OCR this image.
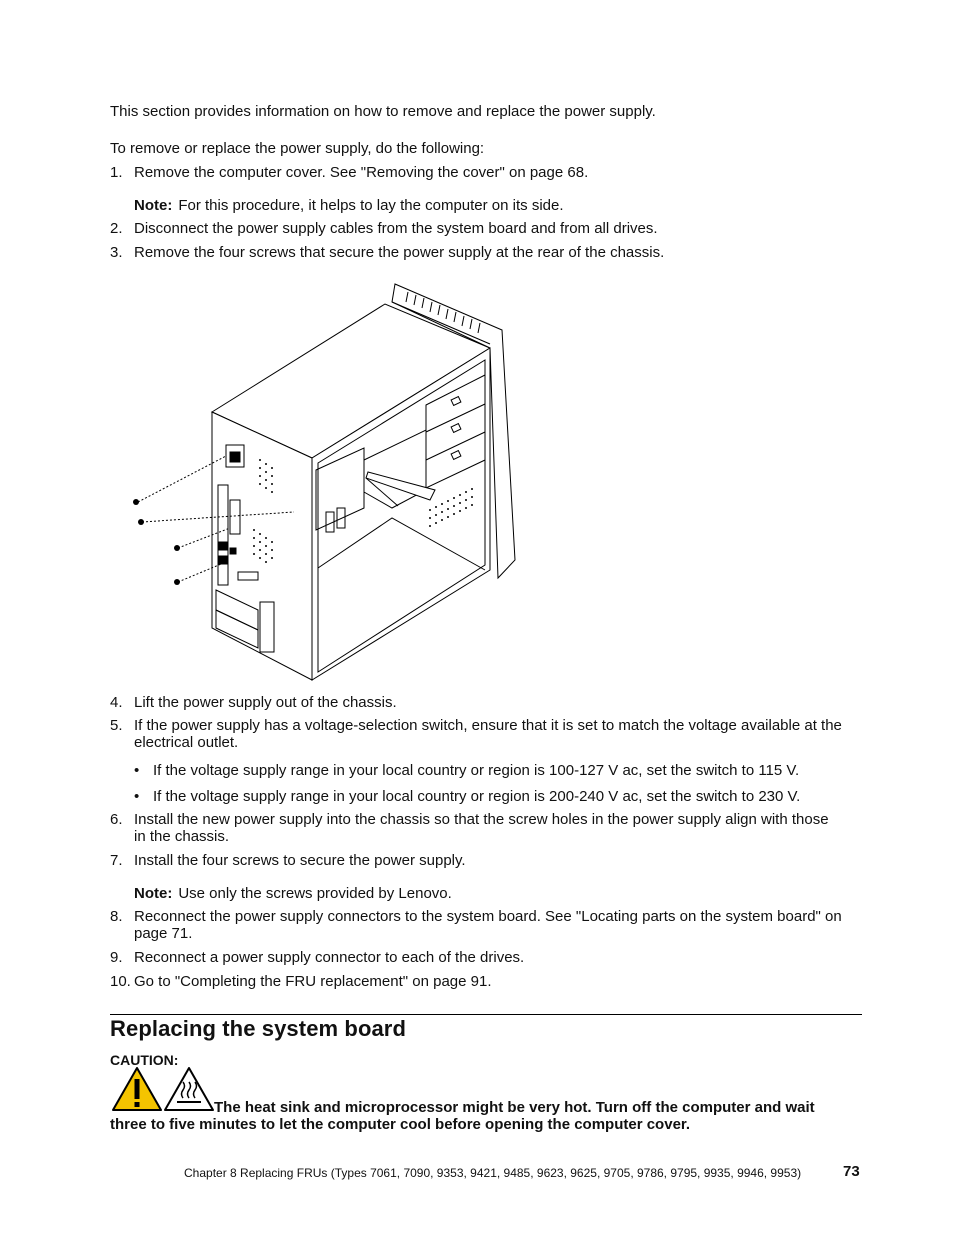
This section provides information on how to remove and replace the power supply.
To remove or replace the power supply, do the following:
1. Remove the computer cover. See "Removing the cover" on page 68.
Note: For this procedure, it helps to lay the computer on its side.
2. Disconnect the power supply cables from the system board and from all drives.
3. Remove the four screws that secure the power supply at the rear of the chassis.
4. Lift the power supply out of the chassis.
5. If the power supply has a voltage-selection switch, ensure that it is set to match the voltage available at the electrical outlet.
• If the voltage supply range in your local country or region is 100-127 V ac, set the switch to 115 V.
• If the voltage supply range in your local country or region is 200-240 V ac, set the switch to 230 V.
6. Install the new power supply into the chassis so that the screw holes in the power supply align with those in the chassis.
7. Install the four screws to secure the power supply.
Note: Use only the screws provided by Lenovo.
8. Reconnect the power supply connectors to the system board. See "Locating parts on the system board" on page 71.
9. Reconnect a power supply connector to each of the drives.
10. Go to "Completing the FRU replacement" on page 91.
Replacing the system board
CAUTION:
The heat sink and microprocessor might be very hot. Turn off the computer and wait three to five minutes to let the computer cool before opening the computer cover.
Chapter 8 Replacing FRUs (Types 7061, 7090, 9353, 9421, 9485, 9623, 9625, 9705, 9786, 9795, 9935, 9946, 9953)	73
